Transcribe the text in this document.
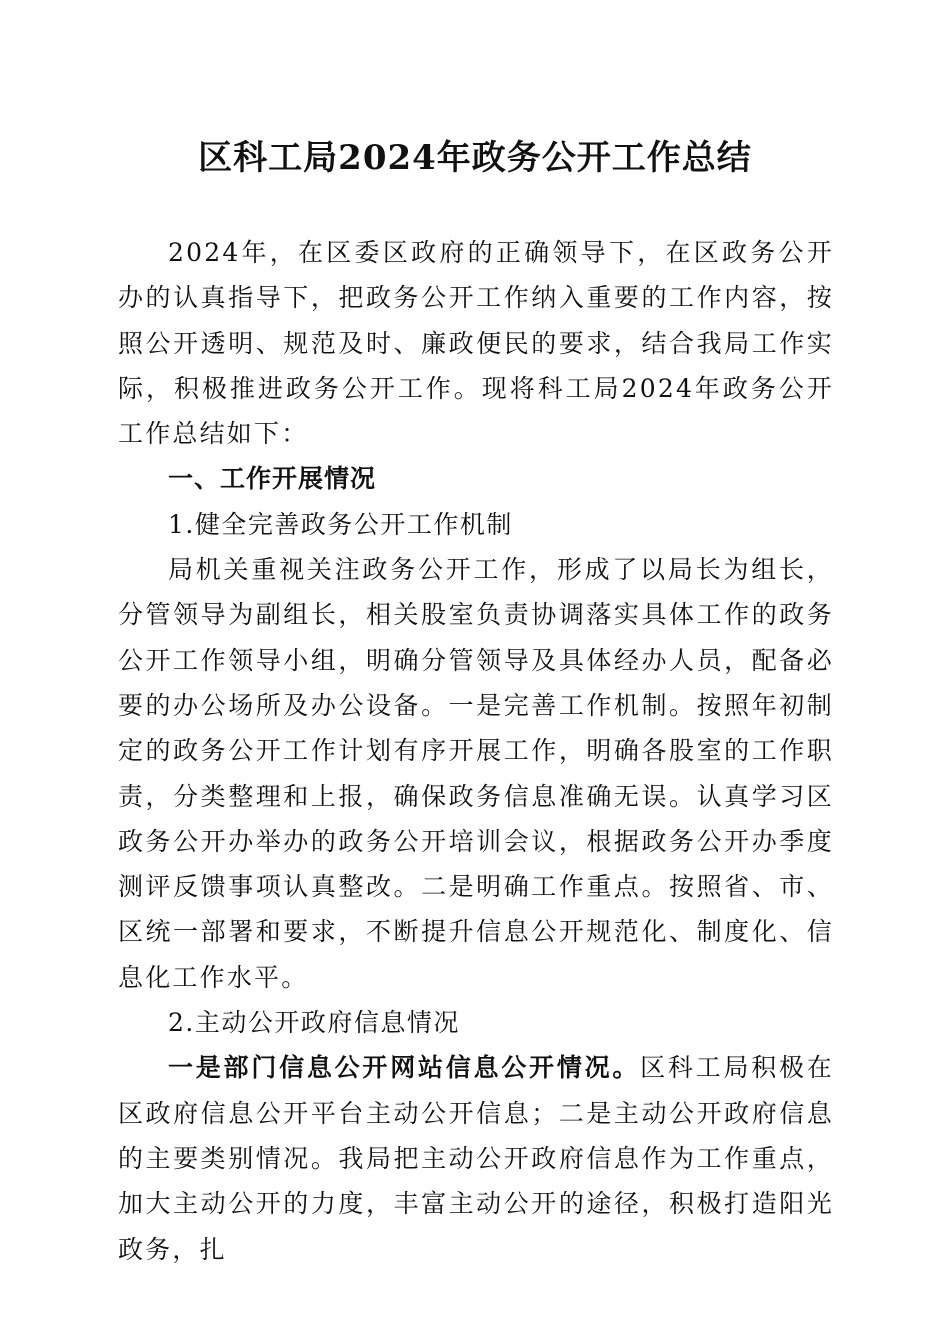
区科工局2024年政务公开工作总结

2024年，在区委区政府的正确领导下，在区政务公开办的认真指导下，把政务公开工作纳入重要的工作内容，按照公开透明、规范及时、廉政便民的要求，结合我局工作实际，积极推进政务公开工作。现将科工局2024年政务公开工作总结如下：

一、工作开展情况

1.健全完善政务公开工作机制

局机关重视关注政务公开工作，形成了以局长为组长，分管领导为副组长，相关股室负责协调落实具体工作的政务公开工作领导小组，明确分管领导及具体经办人员，配备必要的办公场所及办公设备。一是完善工作机制。按照年初制定的政务公开工作计划有序开展工作，明确各股室的工作职责，分类整理和上报，确保政务信息准确无误。认真学习区政务公开办举办的政务公开培训会议，根据政务公开办季度测评反馈事项认真整改。二是明确工作重点。按照省、市、区统一部署和要求，不断提升信息公开规范化、制度化、信息化工作水平。

2.主动公开政府信息情况

一是部门信息公开网站信息公开情况。区科工局积极在区政府信息公开平台主动公开信息；二是主动公开政府信息的主要类别情况。我局把主动公开政府信息作为工作重点，加大主动公开的力度，丰富主动公开的途径，积极打造阳光政务，扎
